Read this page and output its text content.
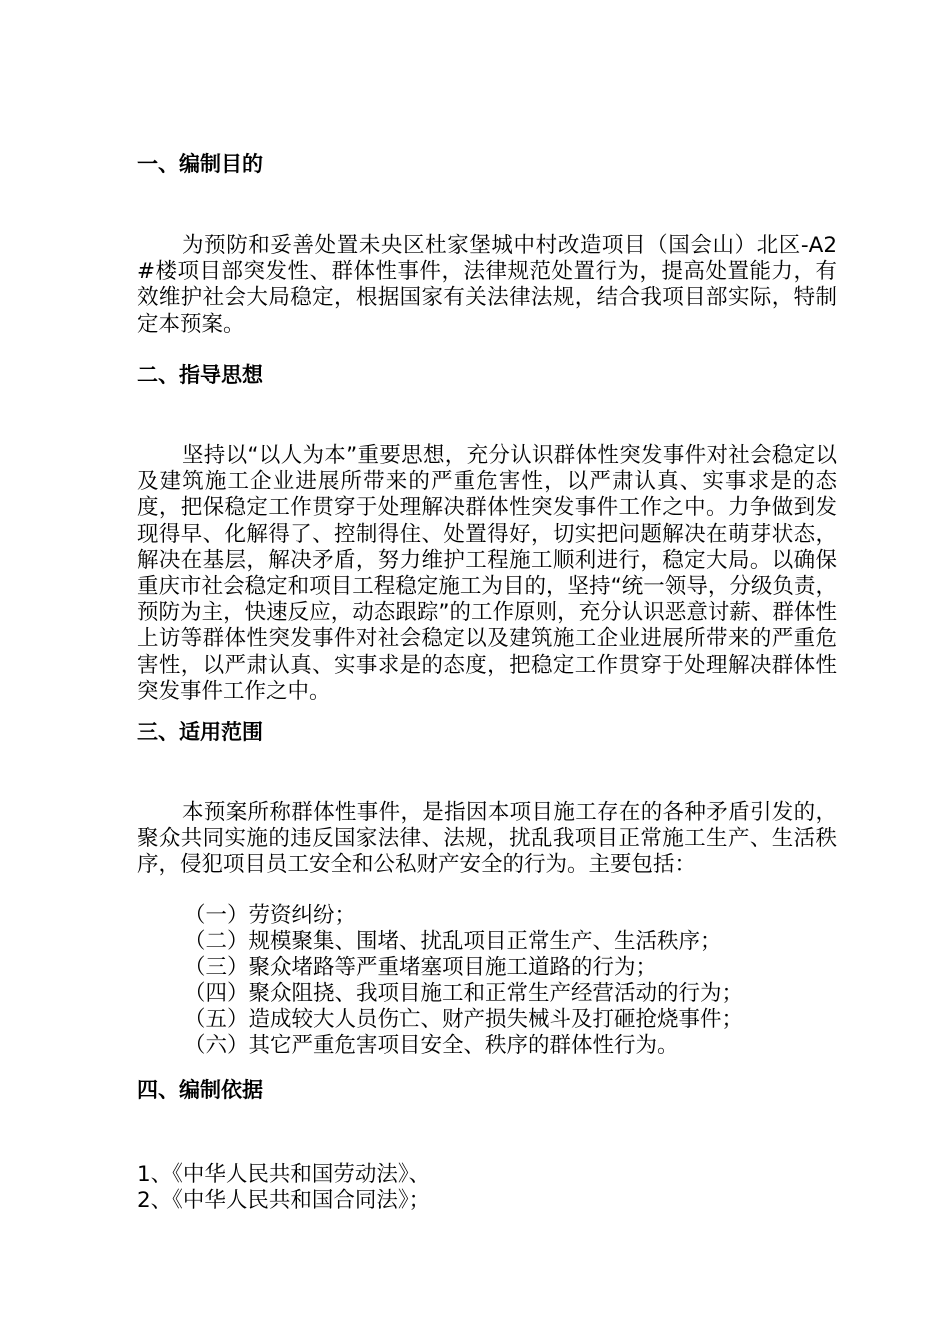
一、编制目的
为预防和妥善处置未央区杜家堡城中村改造项目（国会山）北区-A2#楼项目部突发性、群体性事件，法律规范处置行为，提高处置能力，有效维护社会大局稳定，根据国家有关法律法规，结合我项目部实际，特制定本预案。
二、指导思想
坚持以“以人为本”重要思想，充分认识群体性突发事件对社会稳定以及建筑施工企业进展所带来的严重危害性，以严肃认真、实事求是的态度，把保稳定工作贯穿于处理解决群体性突发事件工作之中。力争做到发现得早、化解得了、控制得住、处置得好，切实把问题解决在萌芽状态，解决在基层，解决矛盾，努力维护工程施工顺利进行，稳定大局。以确保重庆市社会稳定和项目工程稳定施工为目的，坚持“统一领导，分级负责，预防为主，快速反应，动态跟踪”的工作原则，充分认识恶意讨薪、群体性上访等群体性突发事件对社会稳定以及建筑施工企业进展所带来的严重危害性，以严肃认真、实事求是的态度，把稳定工作贯穿于处理解决群体性突发事件工作之中。
三、适用范围
本预案所称群体性事件，是指因本项目施工存在的各种矛盾引发的，聚众共同实施的违反国家法律、法规，扰乱我项目正常施工生产、生活秩序，侵犯项目员工安全和公私财产安全的行为。主要包括：
（一）劳资纠纷；
（二）规模聚集、围堵、扰乱项目正常生产、生活秩序；
（三）聚众堵路等严重堵塞项目施工道路的行为；
（四）聚众阻挠、我项目施工和正常生产经营活动的行为；
（五）造成较大人员伤亡、财产损失械斗及打砸抢烧事件；
（六）其它严重危害项目安全、秩序的群体性行为。
四、编制依据
1、《中华人民共和国劳动法》、
2、《中华人民共和国合同法》；
